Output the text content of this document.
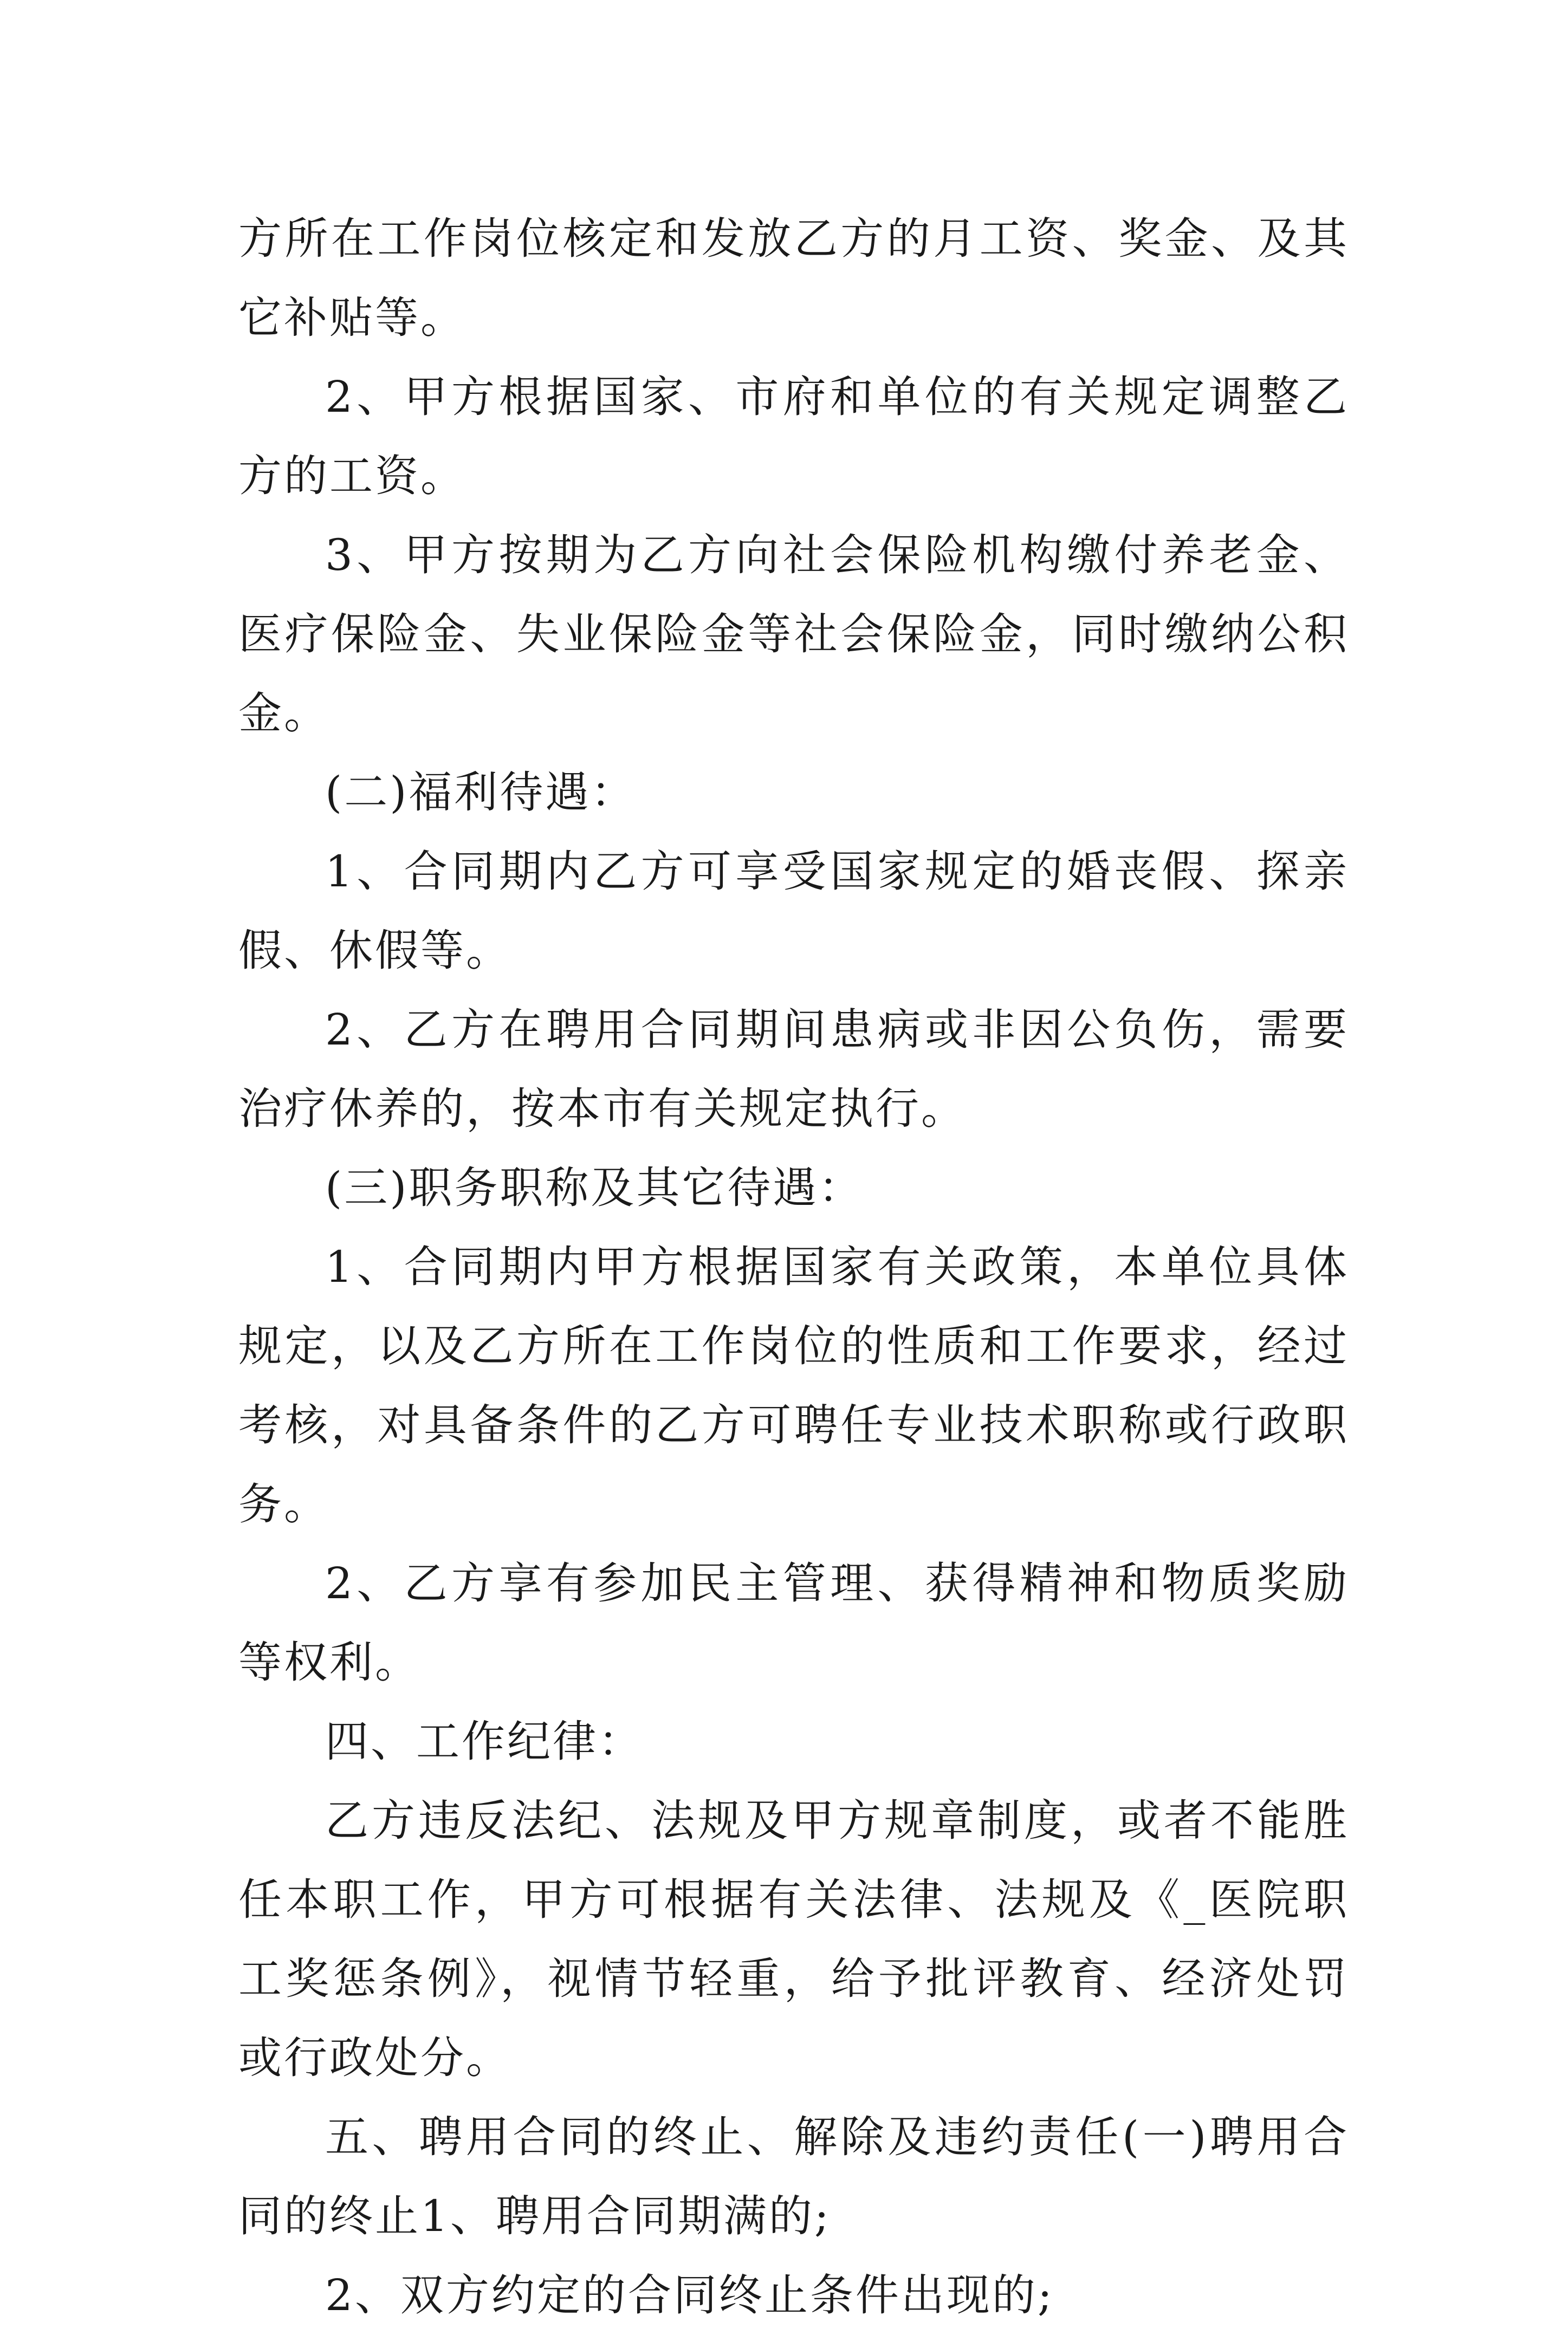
方所在工作岗位核定和发放乙方的月工资、奖金、及其它补贴等。

2、甲方根据国家、市府和单位的有关规定调整乙方的工资。

3、甲方按期为乙方向社会保险机构缴付养老金、医疗保险金、失业保险金等社会保险金，同时缴纳公积金。

(二)福利待遇：

1、合同期内乙方可享受国家规定的婚丧假、探亲假、休假等。

2、乙方在聘用合同期间患病或非因公负伤，需要治疗休养的，按本市有关规定执行。

(三)职务职称及其它待遇：

1、合同期内甲方根据国家有关政策，本单位具体规定，以及乙方所在工作岗位的性质和工作要求，经过考核，对具备条件的乙方可聘任专业技术职称或行政职务。

2、乙方享有参加民主管理、获得精神和物质奖励等权利。

四、工作纪律：

乙方违反法纪、法规及甲方规章制度，或者不能胜任本职工作，甲方可根据有关法律、法规及《_医院职工奖惩条例》，视情节轻重，给予批评教育、经济处罚或行政处分。

五、聘用合同的终止、解除及违约责任(一)聘用合同的终止1、聘用合同期满的;

2、双方约定的合同终止条件出现的;
